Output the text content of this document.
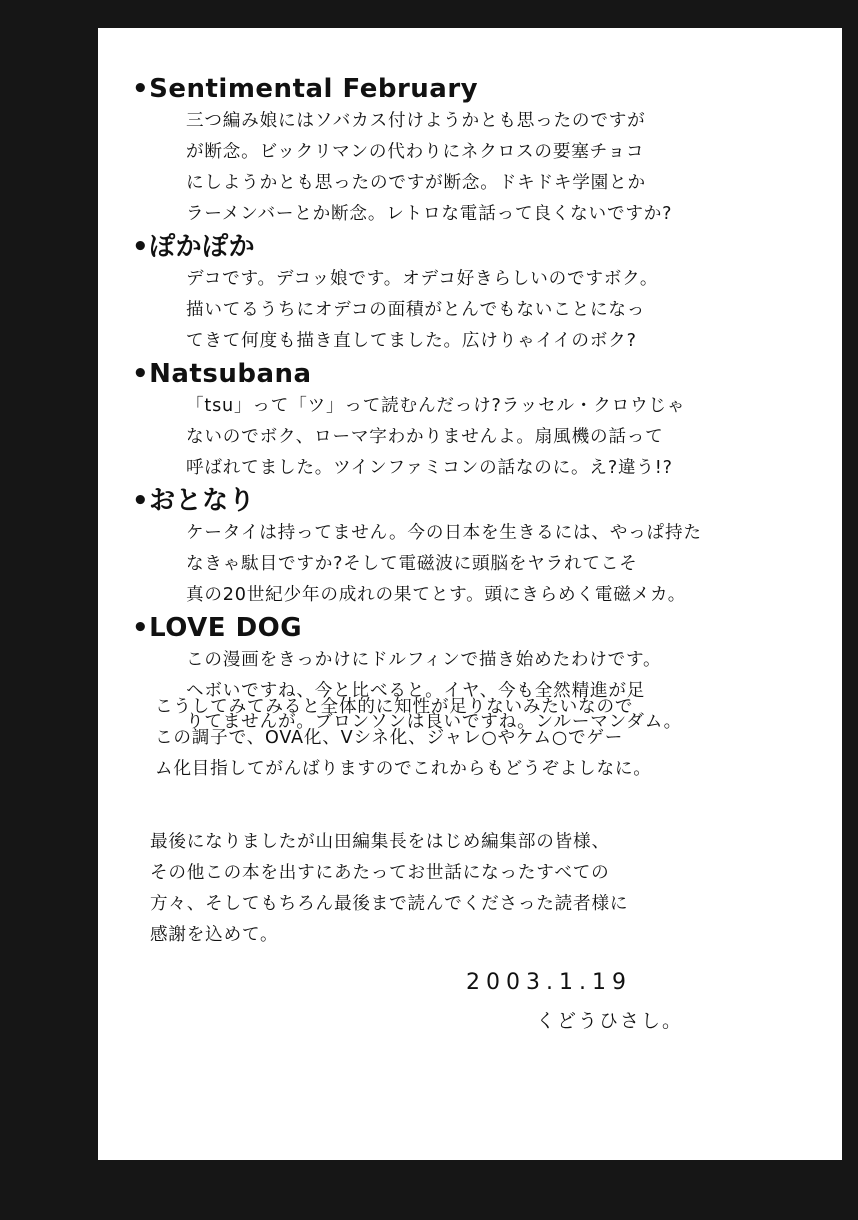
•Sentimental February

三つ編み娘にはソバカス付けようかとも思ったのですが

が断念。ビックリマンの代わりにネクロスの要塞チョコ

にしようかとも思ったのですが断念。ドキドキ学園とか

ラーメンバーとか断念。レトロな電話って良くないですか?

•ぽかぽか

デコです。デコッ娘です。オデコ好きらしいのですボク。

描いてるうちにオデコの面積がとんでもないことになっ

てきて何度も描き直してました。広けりゃイイのボク?

•Natsubana

「tsu」って「ツ」って読むんだっけ?ラッセル・クロウじゃ

ないのでボク、ローマ字わかりませんよ。扇風機の話って

呼ばれてました。ツインファミコンの話なのに。え?違う!?

•おとなり

ケータイは持ってません。今の日本を生きるには、やっぱ持た

なきゃ駄目ですか?そして電磁波に頭脳をヤラれてこそ

真の20世紀少年の成れの果てとす。頭にきらめく電磁メカ。

•LOVE DOG

この漫画をきっかけにドルフィンで描き始めたわけです。

ヘボいですね、今と比べると。イヤ、今も全然精進が足

りてませんが。ブロンソンは良いですね。ンルーマンダム。

こうしてみてみると全体的に知性が足りないみたいなので

この調子で、OVA化、Vシネ化、ジャレ○やケム○でゲー

ム化目指してがんばりますのでこれからもどうぞよしなに。

最後になりましたが山田編集長をはじめ編集部の皆様、

その他この本を出すにあたってお世話になったすべての

方々、そしてもちろん最後まで読んでくださった読者様に

感謝を込めて。

2003.1.19

くどうひさし。
